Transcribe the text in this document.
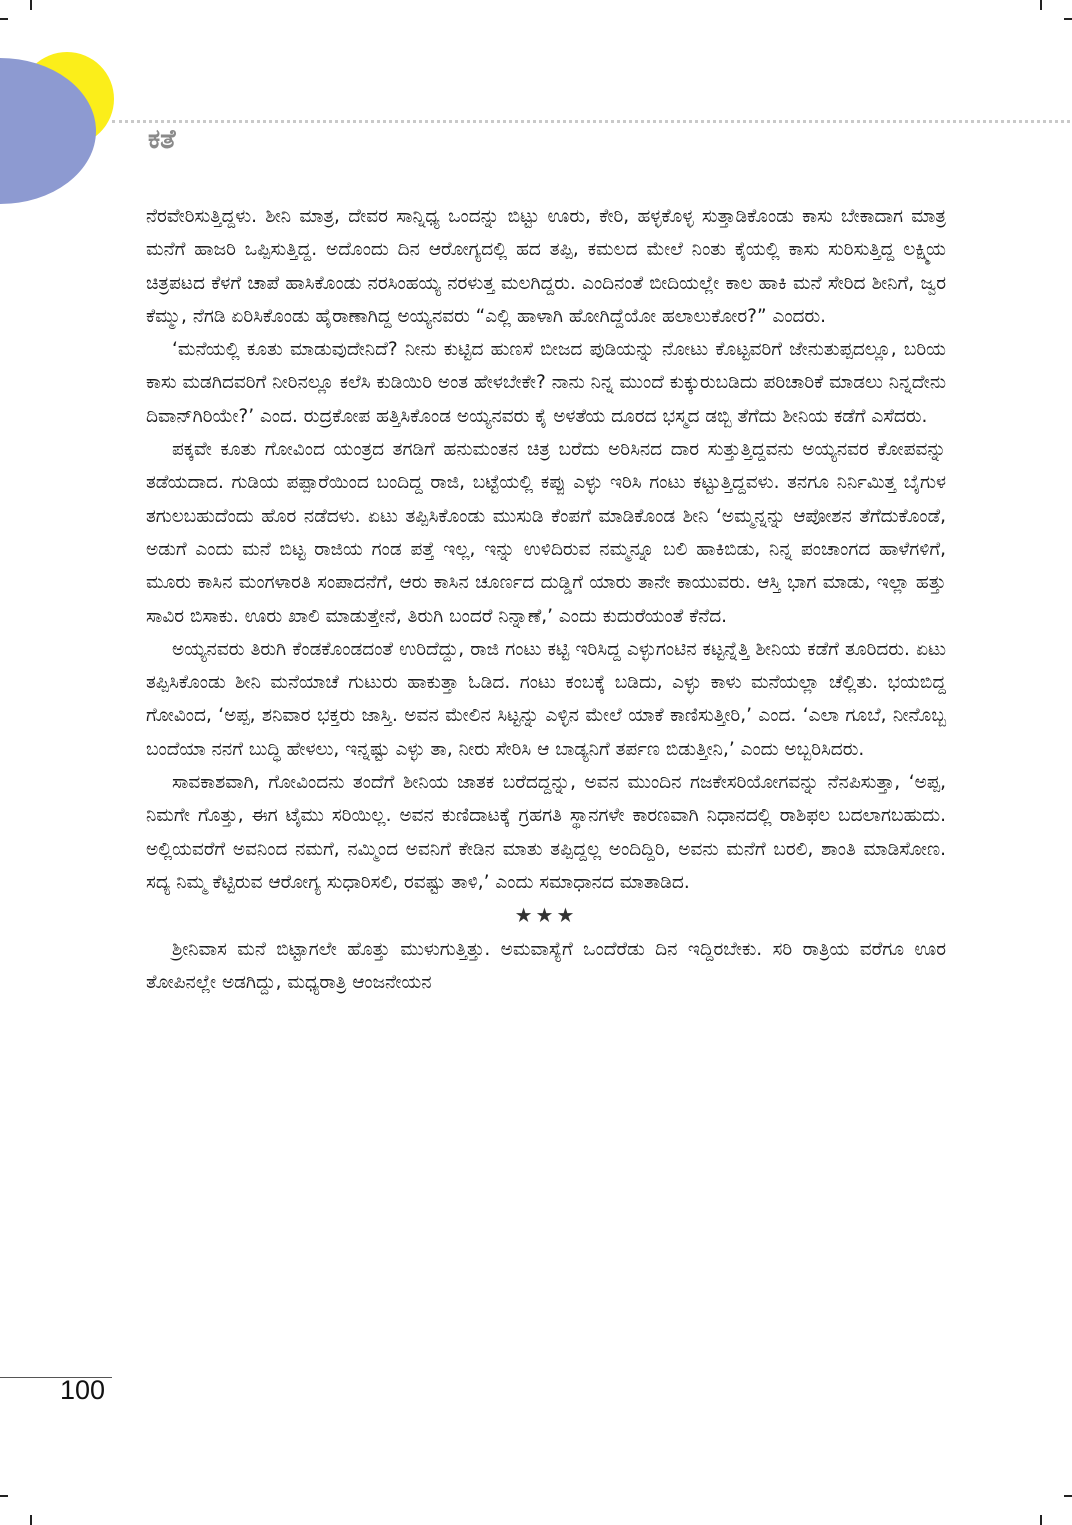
ಕತೆ

ನೆರವೇರಿಸುತ್ತಿದ್ದಳು. ಶೀನಿ ಮಾತ್ರ, ದೇವರ ಸಾನ್ನಿಧ್ಯ ಒಂದನ್ನು ಬಿಟ್ಟು ಊರು, ಕೇರಿ, ಹಳ್ಳಕೊಳ್ಳ ಸುತ್ತಾಡಿಕೊಂಡು ಕಾಸು ಬೇಕಾದಾಗ ಮಾತ್ರ ಮನೆಗೆ ಹಾಜರಿ ಒಪ್ಪಿಸುತ್ತಿದ್ದ. ಅದೊಂದು ದಿನ ಆರೋಗ್ಯದಲ್ಲಿ ಹದ ತಪ್ಪಿ, ಕಮಲದ ಮೇಲೆ ನಿಂತು ಕೈಯಲ್ಲಿ ಕಾಸು ಸುರಿಸುತ್ತಿದ್ದ ಲಕ್ಷ್ಮಿಯ ಚಿತ್ರಪಟದ ಕೆಳಗೆ ಚಾಪೆ ಹಾಸಿಕೊಂಡು ನರಸಿಂಹಯ್ಯ ನರಳುತ್ತ ಮಲಗಿದ್ದರು. ಎಂದಿನಂತೆ ಬೀದಿಯಲ್ಲೇ ಕಾಲ ಹಾಕಿ ಮನೆ ಸೇರಿದ ಶೀನಿಗೆ, ಜ್ವರ ಕೆಮ್ಮು, ನೆಗಡಿ ಏರಿಸಿಕೊಂಡು ಹೈರಾಣಾಗಿದ್ದ ಅಯ್ಯನವರು “ಎಲ್ಲಿ ಹಾಳಾಗಿ ಹೋಗಿದ್ದೆಯೋ ಹಲಾಲುಕೋರ?” ಎಂದರು.

‘ಮನೆಯಲ್ಲಿ ಕೂತು ಮಾಡುವುದೇನಿದೆ? ನೀನು ಕುಟ್ಟಿದ ಹುಣಸೆ ಬೀಜದ ಪುಡಿಯನ್ನು ನೋಟು ಕೊಟ್ಟವರಿಗೆ ಜೇನುತುಪ್ಪದಲ್ಲೂ, ಬರಿಯ ಕಾಸು ಮಡಗಿದವರಿಗೆ ನೀರಿನಲ್ಲೂ ಕಲೆಸಿ ಕುಡಿಯಿರಿ ಅಂತ ಹೇಳಬೇಕೇ? ನಾನು ನಿನ್ನ ಮುಂದೆ ಕುಕ್ಕುರುಬಡಿದು ಪರಿಚಾರಿಕೆ ಮಾಡಲು ನಿನ್ನದೇನು ದಿವಾನ್‌ಗಿರಿಯೇ?’ ಎಂದ. ರುದ್ರಕೋಪ ಹತ್ತಿಸಿಕೊಂಡ ಅಯ್ಯನವರು ಕೈ ಅಳತೆಯ ದೂರದ ಭಸ್ಮದ ಡಬ್ಬಿ ತೆಗೆದು ಶೀನಿಯ ಕಡೆಗೆ ಎಸೆದರು.

ಪಕ್ಕವೇ ಕೂತು ಗೋವಿಂದ ಯಂತ್ರದ ತಗಡಿಗೆ ಹನುಮಂತನ ಚಿತ್ರ ಬರೆದು ಅರಿಸಿನದ ದಾರ ಸುತ್ತುತ್ತಿದ್ದವನು ಅಯ್ಯನವರ ಕೋಪವನ್ನು ತಡೆಯದಾದ. ಗುಡಿಯ ಪಪ್ಪಾರೆಯಿಂದ ಬಂದಿದ್ದ ರಾಜಿ, ಬಟ್ಟೆಯಲ್ಲಿ ಕಪ್ಪು ಎಳ್ಳು ಇರಿಸಿ ಗಂಟು ಕಟ್ಟುತ್ತಿದ್ದವಳು. ತನಗೂ ನಿರ್ನಿಮಿತ್ತ ಬೈಗುಳ ತಗುಲಬಹುದೆಂದು ಹೊರ ನಡೆದಳು. ಏಟು ತಪ್ಪಿಸಿಕೊಂಡು ಮುಸುಡಿ ಕೆಂಪಗೆ ಮಾಡಿಕೊಂಡ ಶೀನಿ ‘ಅಮ್ಮನ್ನನ್ನು ಆಪೋಶನ ತೆಗೆದುಕೊಂಡೆ, ಅಡುಗೆ ಎಂದು ಮನೆ ಬಿಟ್ಟ ರಾಜಿಯ ಗಂಡ ಪತ್ತೆ ಇಲ್ಲ, ಇನ್ನು ಉಳಿದಿರುವ ನಮ್ಮನ್ನೂ ಬಲಿ ಹಾಕಿಬಿಡು, ನಿನ್ನ ಪಂಚಾಂಗದ ಹಾಳೆಗಳಿಗೆ, ಮೂರು ಕಾಸಿನ ಮಂಗಳಾರತಿ ಸಂಪಾದನೆಗೆ, ಆರು ಕಾಸಿನ ಚೂರ್ಣದ ದುಡ್ಡಿಗೆ ಯಾರು ತಾನೇ ಕಾಯುವರು. ಆಸ್ತಿ ಭಾಗ ಮಾಡು, ಇಲ್ಲಾ ಹತ್ತು ಸಾವಿರ ಬಿಸಾಕು. ಊರು ಖಾಲಿ ಮಾಡುತ್ತೇನೆ, ತಿರುಗಿ ಬಂದರೆ ನಿನ್ನಾಣೆ,’ ಎಂದು ಕುದುರೆಯಂತೆ ಕೆನೆದ.

ಅಯ್ಯನವರು ತಿರುಗಿ ಕೆಂಡಕೊಂಡದಂತೆ ಉರಿದೆದ್ದು, ರಾಜಿ ಗಂಟು ಕಟ್ಟಿ ಇರಿಸಿದ್ದ ಎಳ್ಳುಗಂಟಿನ ಕಟ್ಟನ್ನೆತ್ತಿ ಶೀನಿಯ ಕಡೆಗೆ ತೂರಿದರು. ಏಟು ತಪ್ಪಿಸಿಕೊಂಡು ಶೀನಿ ಮನೆಯಾಚೆ ಗುಟುರು ಹಾಕುತ್ತಾ ಓಡಿದ. ಗಂಟು ಕಂಬಕ್ಕೆ ಬಡಿದು, ಎಳ್ಳು ಕಾಳು ಮನೆಯಲ್ಲಾ ಚೆಲ್ಲಿತು. ಭಯಬಿದ್ದ ಗೋವಿಂದ, ‘ಅಪ್ಪ, ಶನಿವಾರ ಭಕ್ತರು ಜಾಸ್ತಿ. ಅವನ ಮೇಲಿನ ಸಿಟ್ಟನ್ನು ಎಳ್ಳಿನ ಮೇಲೆ ಯಾಕೆ ಕಾಣಿಸುತ್ತೀರಿ,’ ಎಂದ. ‘ಎಲಾ ಗೂಬೆ, ನೀನೊಬ್ಬ ಬಂದೆಯಾ ನನಗೆ ಬುದ್ಧಿ ಹೇಳಲು, ಇನ್ನಷ್ಟು ಎಳ್ಳು ತಾ, ನೀರು ಸೇರಿಸಿ ಆ ಬಾಡ್ಯನಿಗೆ ತರ್ಪಣ ಬಿಡುತ್ತೀನಿ,’ ಎಂದು ಅಬ್ಬರಿಸಿದರು.

ಸಾವಕಾಶವಾಗಿ, ಗೋವಿಂದನು ತಂದೆಗೆ ಶೀನಿಯ ಜಾತಕ ಬರೆದದ್ದನ್ನು, ಅವನ ಮುಂದಿನ ಗಜಕೇಸರಿಯೋಗವನ್ನು ನೆನಪಿಸುತ್ತಾ, ‘ಅಪ್ಪ, ನಿಮಗೇ ಗೊತ್ತು, ಈಗ ಟೈಮು ಸರಿಯಿಲ್ಲ. ಅವನ ಕುಣಿದಾಟಕ್ಕೆ ಗ್ರಹಗತಿ ಸ್ಥಾನಗಳೇ ಕಾರಣವಾಗಿ ನಿಧಾನದಲ್ಲಿ ರಾಶಿಫಲ ಬದಲಾಗಬಹುದು. ಅಲ್ಲಿಯವರೆಗೆ ಅವನಿಂದ ನಮಗೆ, ನಮ್ಮಿಂದ ಅವನಿಗೆ ಕೇಡಿನ ಮಾತು ತಪ್ಪಿದ್ದಲ್ಲ ಅಂದಿದ್ದಿರಿ, ಅವನು ಮನೆಗೆ ಬರಲಿ, ಶಾಂತಿ ಮಾಡಿಸೋಣ. ಸದ್ಯ ನಿಮ್ಮ ಕೆಟ್ಟಿರುವ ಆರೋಗ್ಯ ಸುಧಾರಿಸಲಿ, ರವಷ್ಟು ತಾಳಿ,’ ಎಂದು ಸಮಾಧಾನದ ಮಾತಾಡಿದ.

★★★

ಶ್ರೀನಿವಾಸ ಮನೆ ಬಿಟ್ಟಾಗಲೇ ಹೊತ್ತು ಮುಳುಗುತ್ತಿತ್ತು. ಅಮವಾಸ್ಯೆಗೆ ಒಂದೆರೆಡು ದಿನ ಇದ್ದಿರಬೇಕು. ಸರಿ ರಾತ್ರಿಯ ವರೆಗೂ ಊರ ತೋಪಿನಲ್ಲೇ ಅಡಗಿದ್ದು, ಮಧ್ಯರಾತ್ರಿ ಆಂಜನೇಯನ

100
